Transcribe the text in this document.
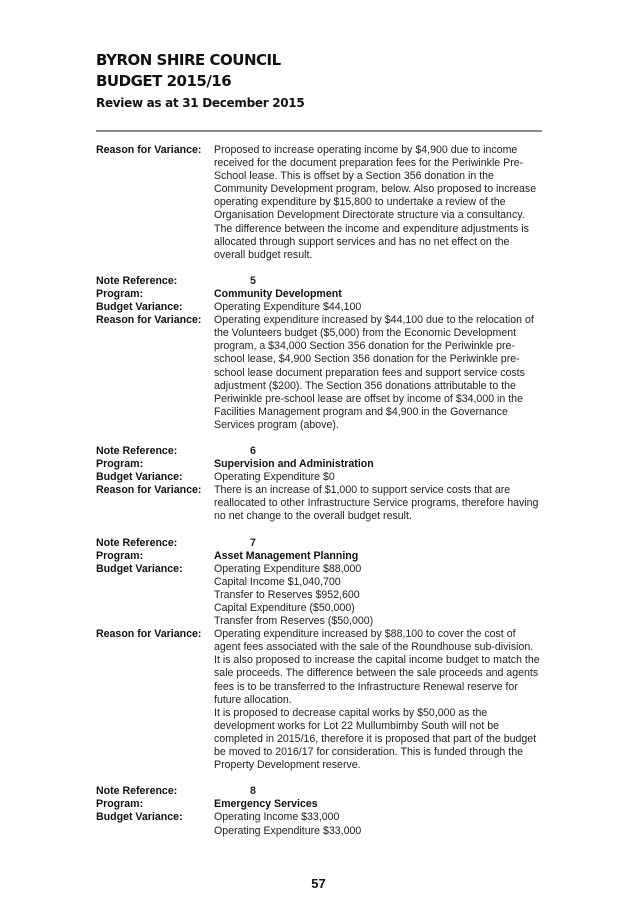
BYRON SHIRE COUNCIL
BUDGET 2015/16
Review as at 31 December 2015
Reason for Variance:	Proposed to increase operating income by $4,900 due to income
received for the document preparation fees for the Periwinkle Pre-
School lease. This is offset by a Section 356 donation in the
Community Development program, below. Also proposed to increase
operating expenditure by $15,800 to undertake a review of the
Organisation Development Directorate structure via a consultancy.
The difference between the income and expenditure adjustments is
allocated through support services and has no net effect on the
overall budget result.
Note Reference:	5
Program:	Community Development
Budget Variance:	Operating Expenditure $44,100
Reason for Variance:	Operating expenditure increased by $44,100 due to the relocation of
the Volunteers budget ($5,000) from the Economic Development
program, a $34,000 Section 356 donation for the Periwinkle pre-
school lease, $4,900 Section 356 donation for the Periwinkle pre-
school lease document preparation fees and support service costs
adjustment ($200). The Section 356 donations attributable to the
Periwinkle pre-school lease are offset by income of $34,000 in the
Facilities Management program and $4,900 in the Governance
Services program (above).
Note Reference:	6
Program:	Supervision and Administration
Budget Variance:	Operating Expenditure $0
Reason for Variance:	There is an increase of $1,000 to support service costs that are
reallocated to other Infrastructure Service programs, therefore having
no net change to the overall budget result.
Note Reference:	7
Program:	Asset Management Planning
Budget Variance:	Operating Expenditure $88,000
Capital Income $1,040,700
Transfer to Reserves $952,600
Capital Expenditure ($50,000)
Transfer from Reserves ($50,000)
Reason for Variance:	Operating expenditure increased by $88,100 to cover the cost of
agent fees associated with the sale of the Roundhouse sub-division.
It is also proposed to increase the capital income budget to match the
sale proceeds. The difference between the sale proceeds and agents
fees is to be transferred to the Infrastructure Renewal reserve for
future allocation.
It is proposed to decrease capital works by $50,000 as the
development works for Lot 22 Mullumbimby South will not be
completed in 2015/16, therefore it is proposed that part of the budget
be moved to 2016/17 for consideration. This is funded through the
Property Development reserve.
Note Reference:	8
Program:	Emergency Services
Budget Variance:	Operating Income $33,000
Operating Expenditure $33,000
57
